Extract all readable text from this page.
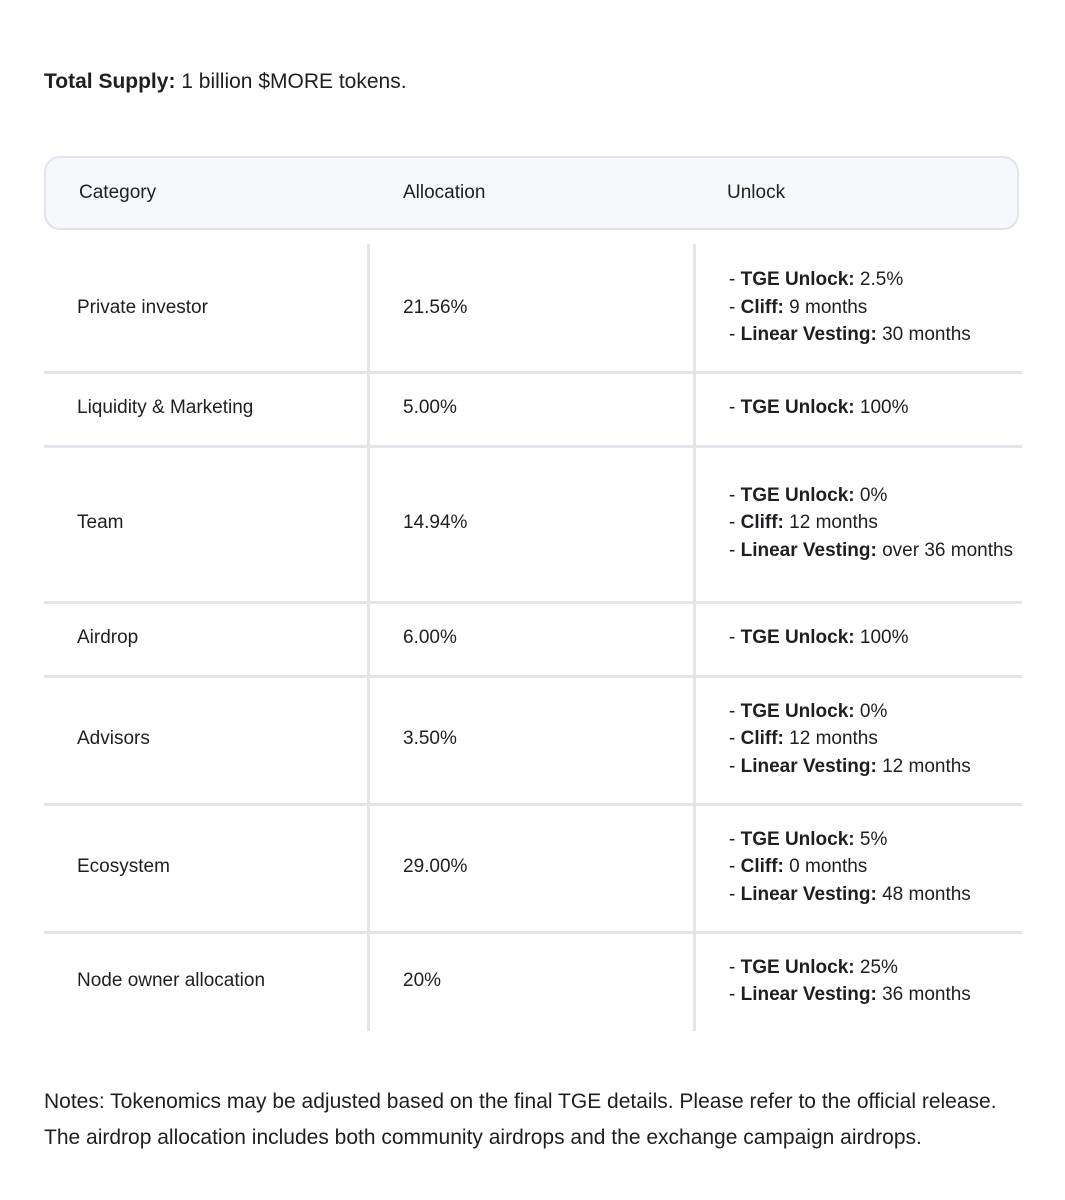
Total Supply: 1 billion $MORE tokens.
Category	Allocation	Unlock
Private investor	21.56%
- TGE Unlock: 2.5%
- Cliff: 9 months
- Linear Vesting: 30 months
Liquidity & Marketing	5.00%	- TGE Unlock: 100%
Team	14.94%
- TGE Unlock: 0%
- Cliff: 12 months
- Linear Vesting: over 36 months
Airdrop	6.00%	- TGE Unlock: 100%
Advisors	3.50%
- TGE Unlock: 0%
- Cliff: 12 months
- Linear Vesting: 12 months
Ecosystem	29.00%
- TGE Unlock: 5%
- Cliff: 0 months
- Linear Vesting: 48 months
Node owner allocation	20%
- TGE Unlock: 25%
- Linear Vesting: 36 months
Notes: Tokenomics may be adjusted based on the final TGE details. Please refer to the official release. The airdrop allocation includes both community airdrops and the exchange campaign airdrops.
